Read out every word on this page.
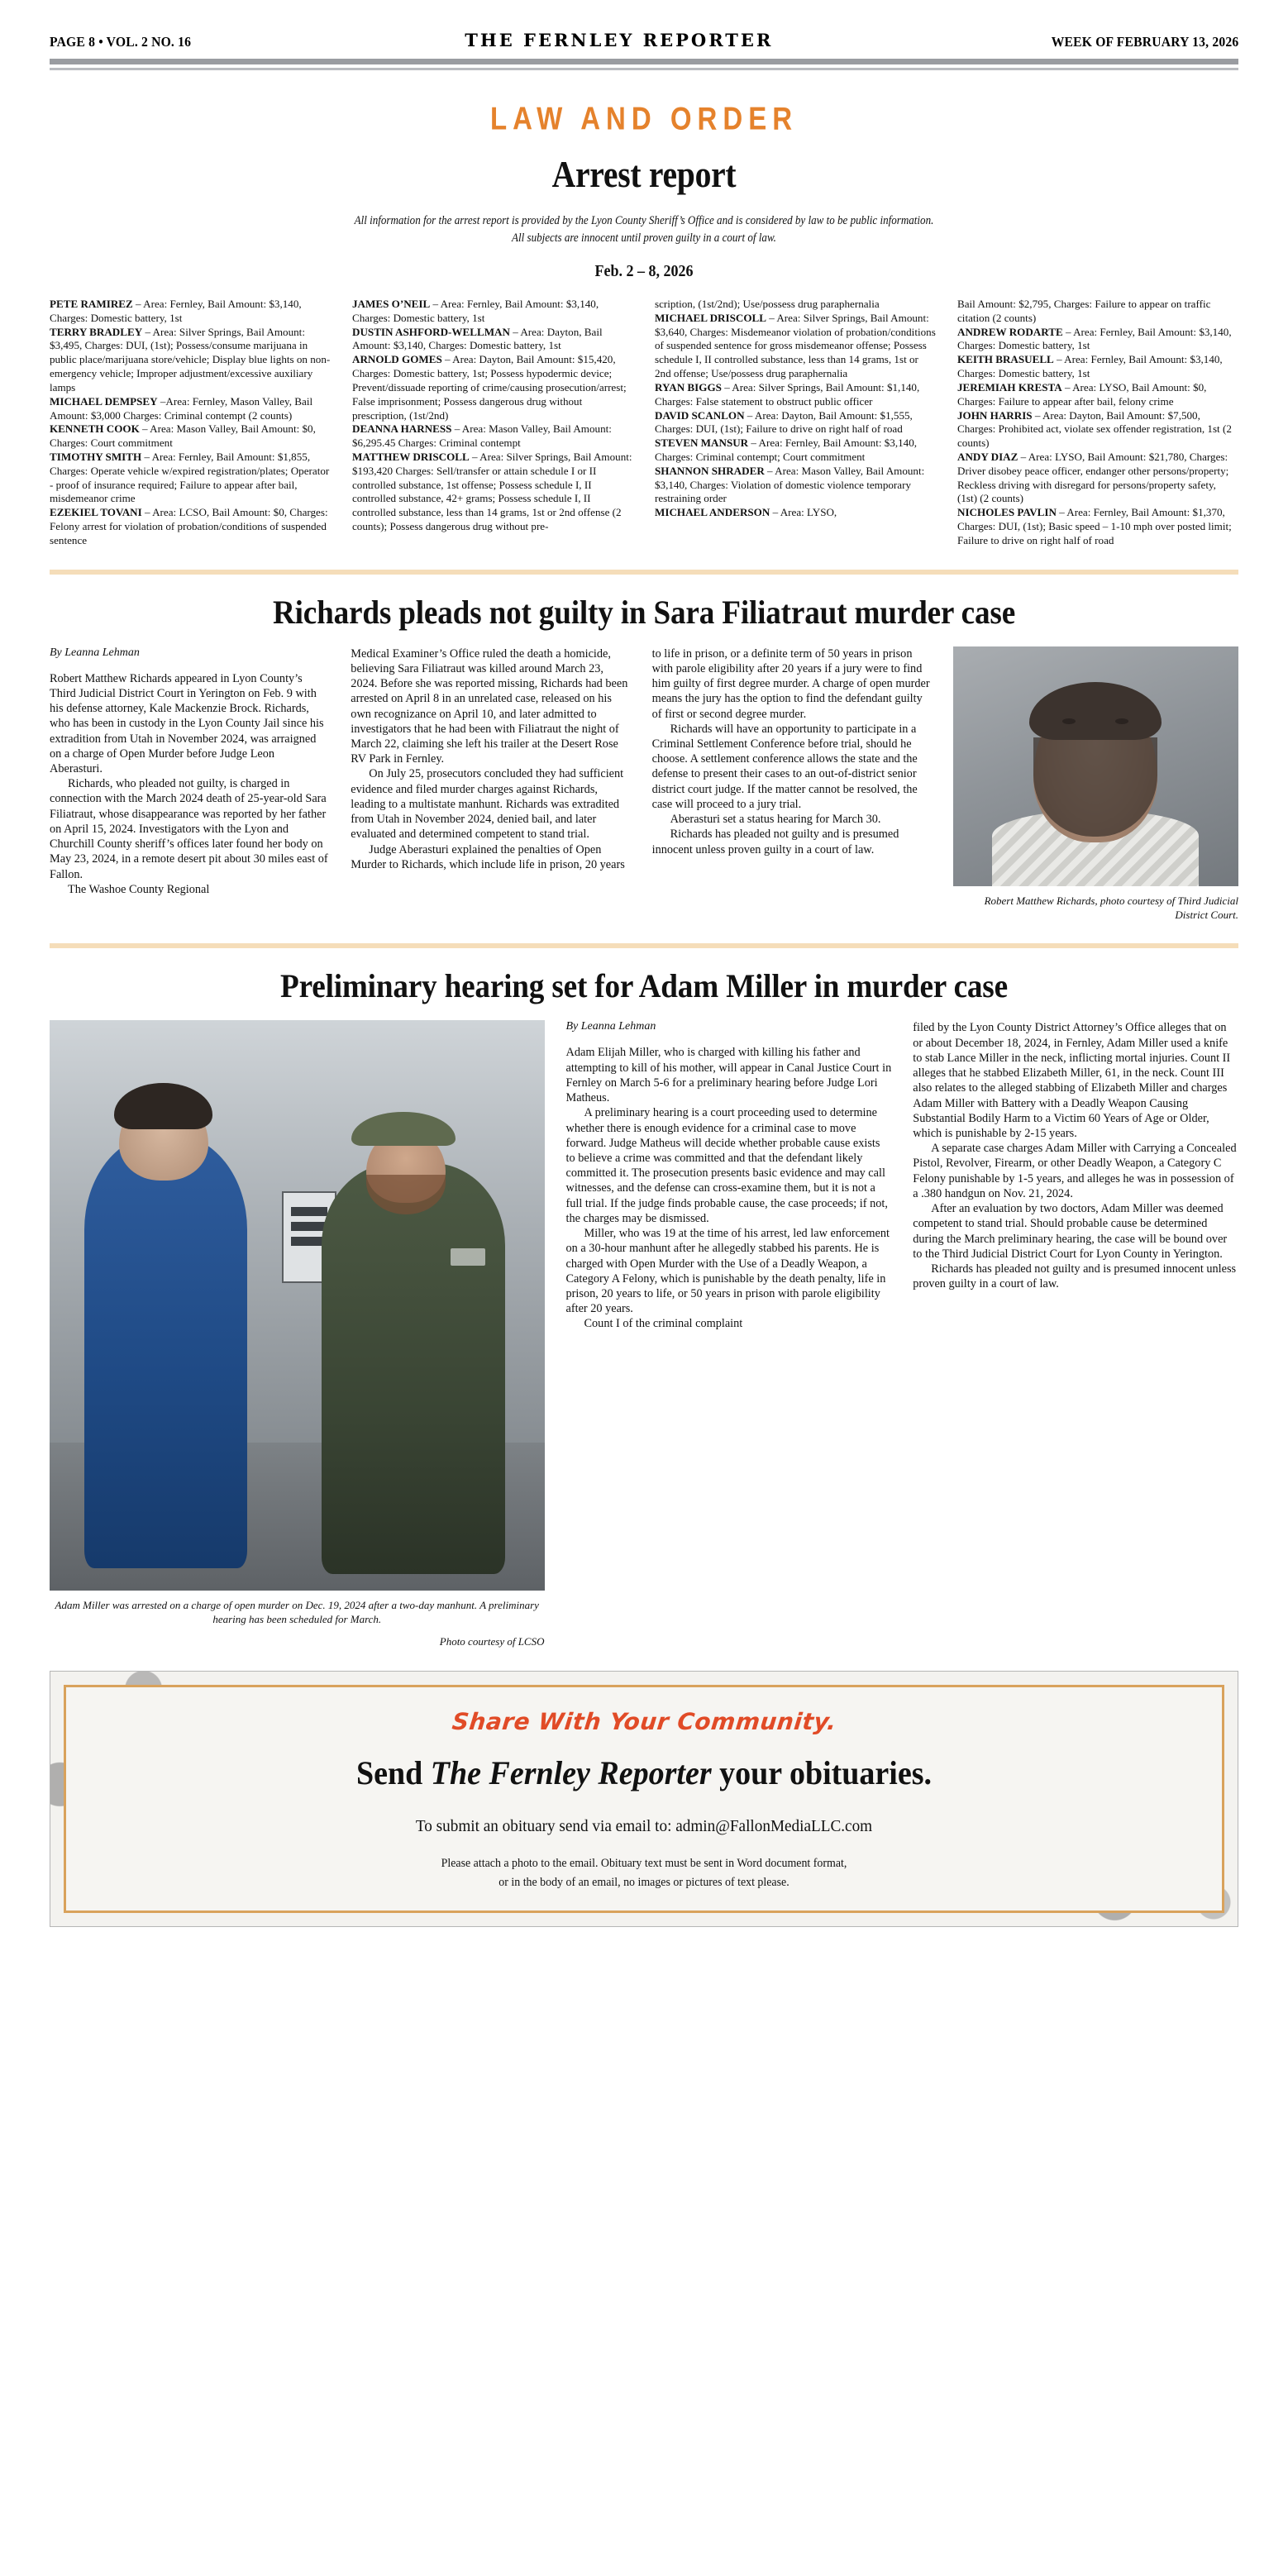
PAGE 8 • VOL. 2 NO. 16	THE FERNLEY REPORTER	WEEK OF FEBRUARY 13, 2026
LAW AND ORDER
Arrest report
All information for the arrest report is provided by the Lyon County Sheriff’s Office and is considered by law to be public information.
All subjects are innocent until proven guilty in a court of law.
Feb. 2 – 8, 2026

PETE RAMIREZ – Area: Fernley, Bail Amount: $3,140, Charges: Domestic battery, 1st

TERRY BRADLEY – Area: Silver Springs, Bail Amount: $3,495, Charges: DUI, (1st); Possess/consume marijuana in public place/marijuana store/vehicle; Display blue lights on non-emergency vehicle; Improper adjustment/excessive auxiliary lamps

MICHAEL DEMPSEY –Area: Fernley, Mason Valley, Bail Amount: $3,000 Charges: Criminal contempt (2 counts)

KENNETH COOK – Area: Mason Valley, Bail Amount: $0, Charges: Court commitment

TIMOTHY SMITH – Area: Fernley, Bail Amount: $1,855, Charges: Operate vehicle w/expired registration/plates; Operator - proof of insurance required; Failure to appear after bail, misdemeanor crime

EZEKIEL TOVANI – Area: LCSO, Bail Amount: $0, Charges: Felony arrest for violation of probation/conditions of suspended sentence

JAMES O’NEIL – Area: Fernley, Bail Amount: $3,140, Charges: Domestic battery, 1st

DUSTIN ASHFORD-WELLMAN – Area: Dayton, Bail Amount: $3,140, Charges: Domestic battery, 1st

ARNOLD GOMES – Area: Dayton, Bail Amount: $15,420, Charges: Domestic battery, 1st; Possess hypodermic device; Prevent/dissuade reporting of crime/causing prosecution/arrest; False imprisonment; Possess dangerous drug without prescription, (1st/2nd)

DEANNA HARNESS – Area: Mason Valley, Bail Amount: $6,295.45 Charges: Criminal contempt

MATTHEW DRISCOLL – Area: Silver Springs, Bail Amount: $193,420 Charges: Sell/transfer or attain schedule I or II controlled substance, 1st offense; Possess schedule I, II controlled substance, 42+ grams; Possess schedule I, II controlled substance, less than 14 grams, 1st or 2nd offense (2 counts); Possess dangerous drug without pre-

scription, (1st/2nd); Use/possess drug paraphernalia

MICHAEL DRISCOLL – Area: Silver Springs, Bail Amount: $3,640, Charges: Misdemeanor violation of probation/conditions of suspended sentence for gross misdemeanor offense; Possess schedule I, II controlled substance, less than 14 grams, 1st or 2nd offense; Use/possess drug paraphernalia

RYAN BIGGS – Area: Silver Springs, Bail Amount: $1,140, Charges: False statement to obstruct public officer

DAVID SCANLON – Area: Dayton, Bail Amount: $1,555, Charges: DUI, (1st); Failure to drive on right half of road

STEVEN MANSUR – Area: Fernley, Bail Amount: $3,140, Charges: Criminal contempt; Court commitment

SHANNON SHRADER – Area: Mason Valley, Bail Amount: $3,140, Charges: Violation of domestic violence temporary restraining order

MICHAEL ANDERSON – Area: LYSO,

Bail Amount: $2,795, Charges: Failure to appear on traffic citation (2 counts)

ANDREW RODARTE – Area: Fernley, Bail Amount: $3,140, Charges: Domestic battery, 1st

KEITH BRASUELL – Area: Fernley, Bail Amount: $3,140, Charges: Domestic battery, 1st

JEREMIAH KRESTA – Area: LYSO, Bail Amount: $0, Charges: Failure to appear after bail, felony crime

JOHN HARRIS – Area: Dayton, Bail Amount: $7,500, Charges: Prohibited act, violate sex offender registration, 1st (2 counts)

ANDY DIAZ – Area: LYSO, Bail Amount: $21,780, Charges: Driver disobey peace officer, endanger other persons/property; Reckless driving with disregard for persons/property safety, (1st) (2 counts)

NICHOLES PAVLIN – Area: Fernley, Bail Amount: $1,370, Charges: DUI, (1st); Basic speed – 1-10 mph over posted limit; Failure to drive on right half of road

Richards pleads not guilty in Sara Filiatraut murder case
By Leanna Lehman

Robert Matthew Richards appeared in Lyon County’s Third Judicial District Court in Yerington on Feb. 9 with his defense attorney, Kale Mackenzie Brock. Richards, who has been in custody in the Lyon County Jail since his extradition from Utah in November 2024, was arraigned on a charge of Open Murder before Judge Leon Aberasturi.

Richards, who pleaded not guilty, is charged in connection with the March 2024 death of 25-year-old Sara Filiatraut, whose disappearance was reported by her father on April 15, 2024. Investigators with the Lyon and Churchill County sheriff’s offices later found her body on May 23, 2024, in a remote desert pit about 30 miles east of Fallon.

The Washoe County Regional

Medical Examiner’s Office ruled the death a homicide, believing Sara Filiatraut was killed around March 23, 2024. Before she was reported missing, Richards had been arrested on April 8 in an unrelated case, released on his own recognizance on April 10, and later admitted to investigators that he had been with Filiatraut the night of March 22, claiming she left his trailer at the Desert Rose RV Park in Fernley.

On July 25, prosecutors concluded they had sufficient evidence and filed murder charges against Richards, leading to a multistate manhunt. Richards was extradited from Utah in November 2024, denied bail, and later evaluated and determined competent to stand trial.

Judge Aberasturi explained the penalties of Open Murder to Richards, which include life in prison, 20 years

to life in prison, or a definite term of 50 years in prison with parole eligibility after 20 years if a jury were to find him guilty of first degree murder. A charge of open murder means the jury has the option to find the defendant guilty of first or second degree murder.

Richards will have an opportunity to participate in a Criminal Settlement Conference before trial, should he choose. A settlement conference allows the state and the defense to present their cases to an out-of-district senior district court judge. If the matter cannot be resolved, the case will proceed to a jury trial.

Aberasturi set a status hearing for March 30.

Richards has pleaded not guilty and is presumed innocent unless proven guilty in a court of law.

Robert Matthew Richards, photo courtesy of Third Judicial District Court.
Preliminary hearing set for Adam Miller in murder case
Adam Miller was arrested on a charge of open murder on Dec. 19, 2024 after a two-day manhunt. A preliminary hearing has been scheduled for March.
Photo courtesy of LCSO
By Leanna Lehman

Adam Elijah Miller, who is charged with killing his father and attempting to kill of his mother, will appear in Canal Justice Court in Fernley on March 5-6 for a preliminary hearing before Judge Lori Matheus.

A preliminary hearing is a court proceeding used to determine whether there is enough evidence for a criminal case to move forward. Judge Matheus will decide whether probable cause exists to believe a crime was committed and that the defendant likely committed it. The prosecution presents basic evidence and may call witnesses, and the defense can cross-examine them, but it is not a full trial. If the judge finds probable cause, the case proceeds; if not, the charges may be dismissed.

Miller, who was 19 at the time of his arrest, led law enforcement on a 30-hour manhunt after he allegedly stabbed his parents. He is charged with Open Murder with the Use of a Deadly Weapon, a Category A Felony, which is punishable by the death penalty, life in prison, 20 years to life, or 50 years in prison with parole eligibility after 20 years.

Count I of the criminal complaint

filed by the Lyon County District Attorney’s Office alleges that on or about December 18, 2024, in Fernley, Adam Miller used a knife to stab Lance Miller in the neck, inflicting mortal injuries. Count II alleges that he stabbed Elizabeth Miller, 61, in the neck. Count III also relates to the alleged stabbing of Elizabeth Miller and charges Adam Miller with Battery with a Deadly Weapon Causing Substantial Bodily Harm to a Victim 60 Years of Age or Older, which is punishable by 2-15 years.

A separate case charges Adam Miller with Carrying a Concealed Pistol, Revolver, Firearm, or other Deadly Weapon, a Category C Felony punishable by 1-5 years, and alleges he was in possession of a .380 handgun on Nov. 21, 2024.

After an evaluation by two doctors, Adam Miller was deemed competent to stand trial. Should probable cause be determined during the March preliminary hearing, the case will be bound over to the Third Judicial District Court for Lyon County in Yerington.

Richards has pleaded not guilty and is presumed innocent unless proven guilty in a court of law.

Share With Your Community.
Send The Fernley Reporter your obituaries.
To submit an obituary send via email to: admin@FallonMediaLLC.com
Please attach a photo to the email. Obituary text must be sent in Word document format,
or in the body of an email, no images or pictures of text please.
